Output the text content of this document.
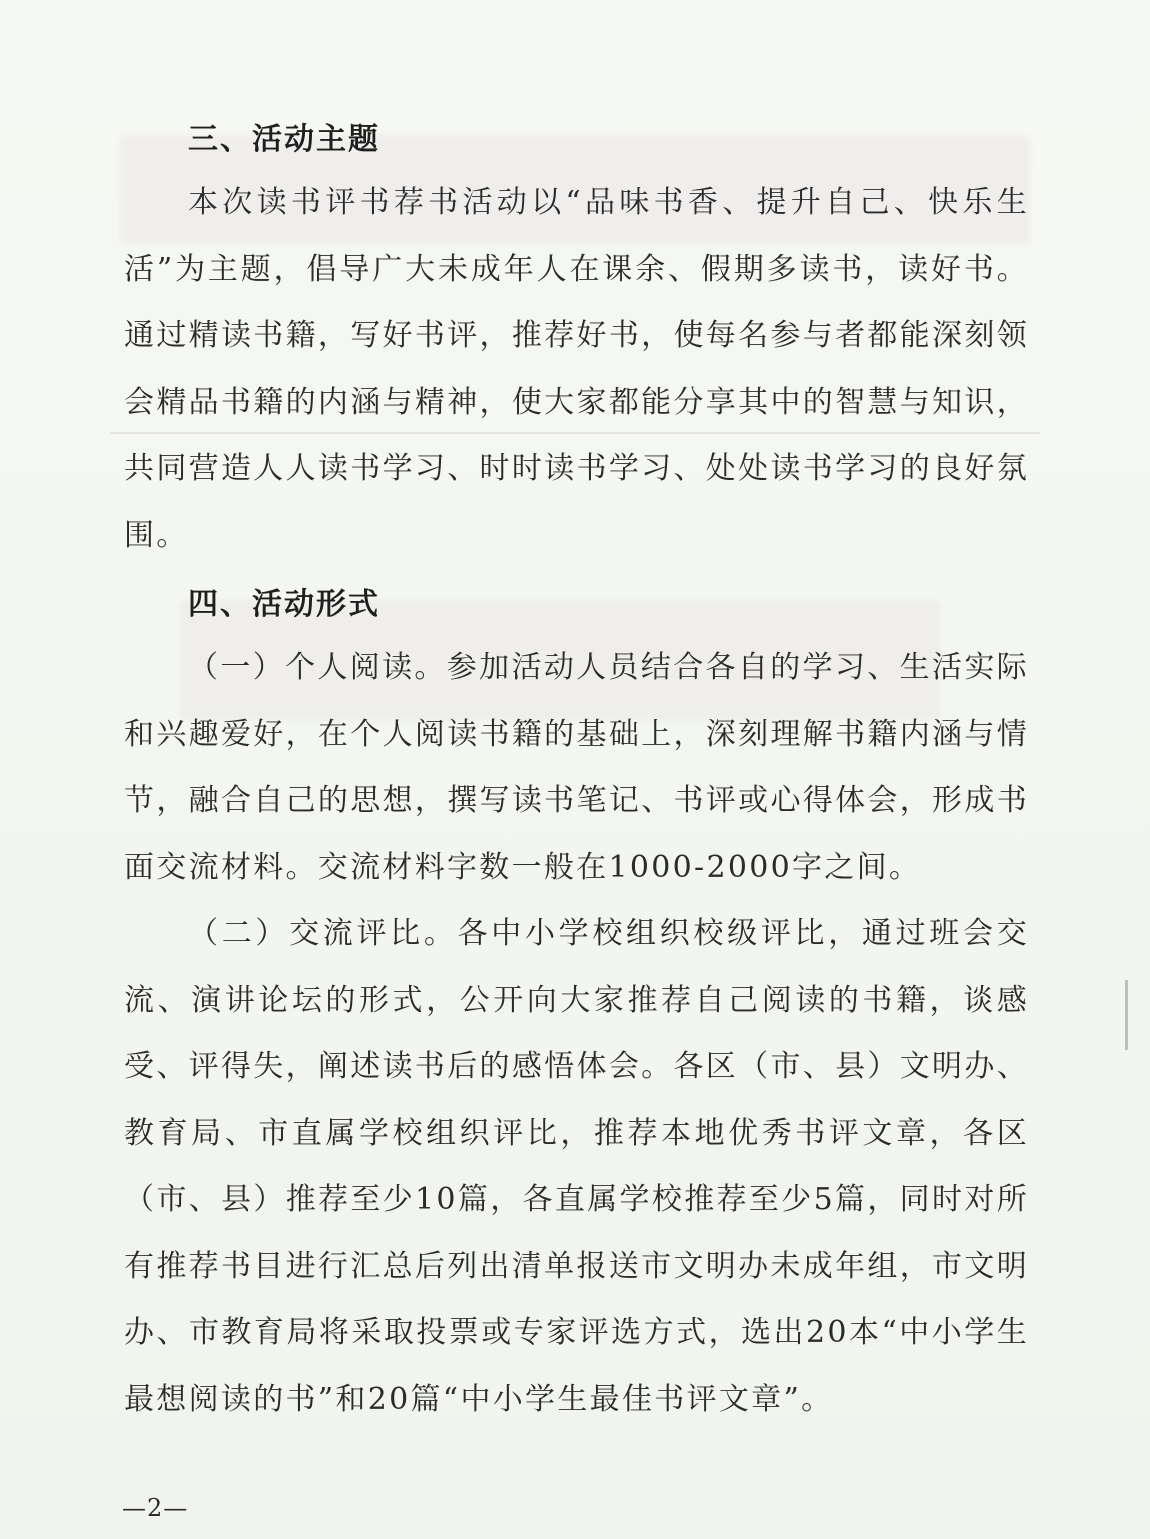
三、活动主题

本次读书评书荐书活动以“品味书香、提升自己、快乐生活”为主题，倡导广大未成年人在课余、假期多读书，读好书。通过精读书籍，写好书评，推荐好书，使每名参与者都能深刻领会精品书籍的内涵与精神，使大家都能分享其中的智慧与知识，共同营造人人读书学习、时时读书学习、处处读书学习的良好氛围。

四、活动形式

（一）个人阅读。参加活动人员结合各自的学习、生活实际和兴趣爱好，在个人阅读书籍的基础上，深刻理解书籍内涵与情节，融合自己的思想，撰写读书笔记、书评或心得体会，形成书面交流材料。交流材料字数一般在1000-2000字之间。

（二）交流评比。各中小学校组织校级评比，通过班会交流、演讲论坛的形式，公开向大家推荐自己阅读的书籍，谈感受、评得失，阐述读书后的感悟体会。各区（市、县）文明办、教育局、市直属学校组织评比，推荐本地优秀书评文章，各区（市、县）推荐至少10篇，各直属学校推荐至少5篇，同时对所有推荐书目进行汇总后列出清单报送市文明办未成年组，市文明办、市教育局将采取投票或专家评选方式，选出20本“中小学生最想阅读的书”和20篇“中小学生最佳书评文章”。

—2—
